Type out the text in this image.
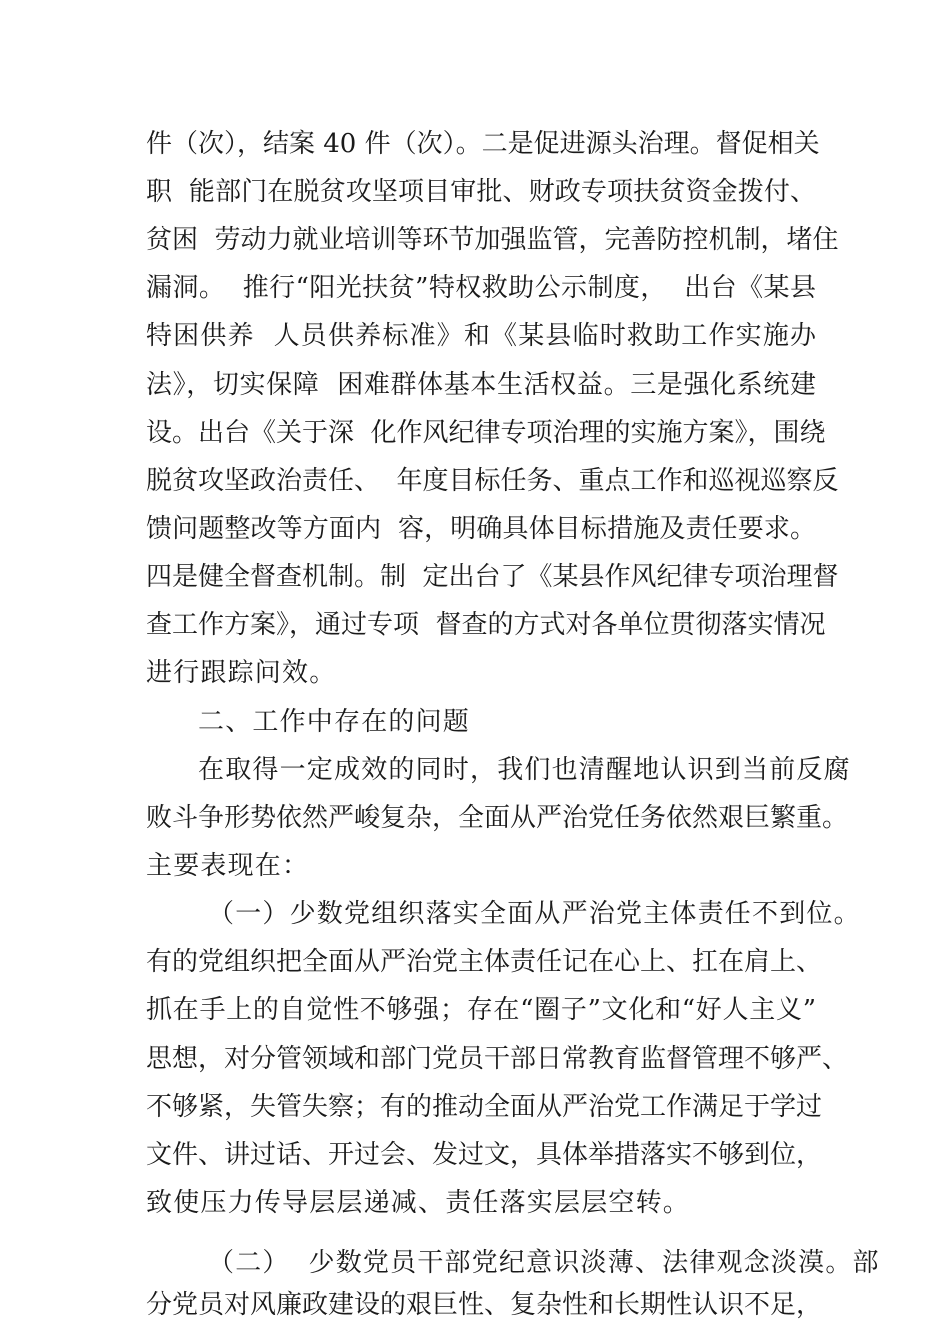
件（次），结案 40 件（次）。二是促进源头治理。督促相关
职  能部门在脱贫攻坚项目审批、财政专项扶贫资金拨付、
贫困  劳动力就业培训等环节加强监管，完善防控机制，堵住
漏洞。  推行“阳光扶贫”特权救助公示制度，  出台《某县
特困供养  人员供养标准》和《某县临时救助工作实施办
法》，切实保障  困难群体基本生活权益。三是强化系统建
设。出台《关于深  化作风纪律专项治理的实施方案》，围绕
脱贫攻坚政治责任、  年度目标任务、重点工作和巡视巡察反
馈问题整改等方面内  容，明确具体目标措施及责任要求。
四是健全督查机制。制  定出台了《某县作风纪律专项治理督
查工作方案》，通过专项  督查的方式对各单位贯彻落实情况
进行跟踪问效。
二、工作中存在的问题
在取得一定成效的同时，我们也清醒地认识到当前反腐
败斗争形势依然严峻复杂，全面从严治党任务依然艰巨繁重。
主要表现在：
（一）少数党组织落实全面从严治党主体责任不到位。
有的党组织把全面从严治党主体责任记在心上、扛在肩上、
抓在手上的自觉性不够强；存在“圈子”文化和“好人主义”
思想，对分管领域和部门党员干部日常教育监督管理不够严、
不够紧，失管失察；有的推动全面从严治党工作满足于学过
文件、讲过话、开过会、发过文，具体举措落实不够到位，
致使压力传导层层递减、责任落实层层空转。
（二）  少数党员干部党纪意识淡薄、法律观念淡漠。部
分党员对风廉政建设的艰巨性、复杂性和长期性认识不足，
